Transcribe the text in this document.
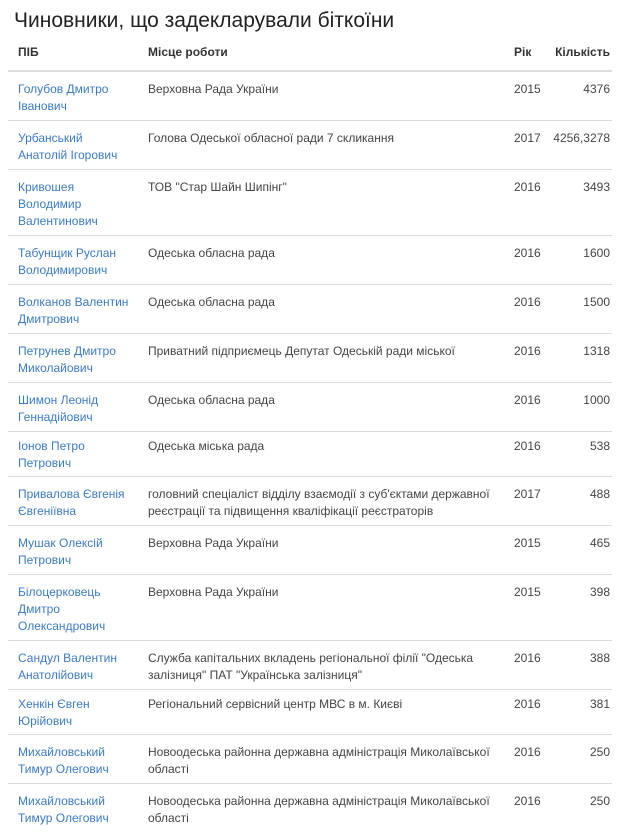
Чиновники, що задекларували біткоїни
ПІБ	Місце роботи	Рік	Кількість
Голубов Дмитро Іванович	Верховна Рада України	2015	4376
Урбанський Анатолій Ігорович	Голова Одеської обласної ради 7 скликання	2017	4256,3278
Кривошея Володимир Валентинович	ТОВ "Стар Шайн Шипінг"	2016	3493
Табунщик Руслан Володимирович	Одеська обласна рада	2016	1600
Волканов Валентин Дмитрович	Одеська обласна рада	2016	1500
Петрунев Дмитро Миколайович	Приватний підприємець Депутат Одеській ради міської	2016	1318
Шимон Леонід Геннадійович	Одеська обласна рада	2016	1000
Іонов Петро Петрович	Одеська міська рада	2016	538
Привалова Євгенія Євгеніївна	головний спеціаліст відділу взаємодії з суб'єктами державної реєстрації та підвищення кваліфікації реєстраторів	2017	488
Мушак Олексій Петрович	Верховна Рада України	2015	465
Білоцерковець Дмитро Олександрович	Верховна Рада України	2015	398
Сандул Валентин Анатолійович	Служба капітальних вкладень регіональної філії "Одеська залізниця" ПАТ "Українська залізниця"	2016	388
Хенкін Євген Юрійович	Регіональний сервісний центр МВС в м. Києві	2016	381
Михайловський Тимур Олегович	Новоодеська районна державна адміністрація Миколаївської області	2016	250
Михайловський Тимур Олегович	Новоодеська районна державна адміністрація Миколаївської області	2016	250
